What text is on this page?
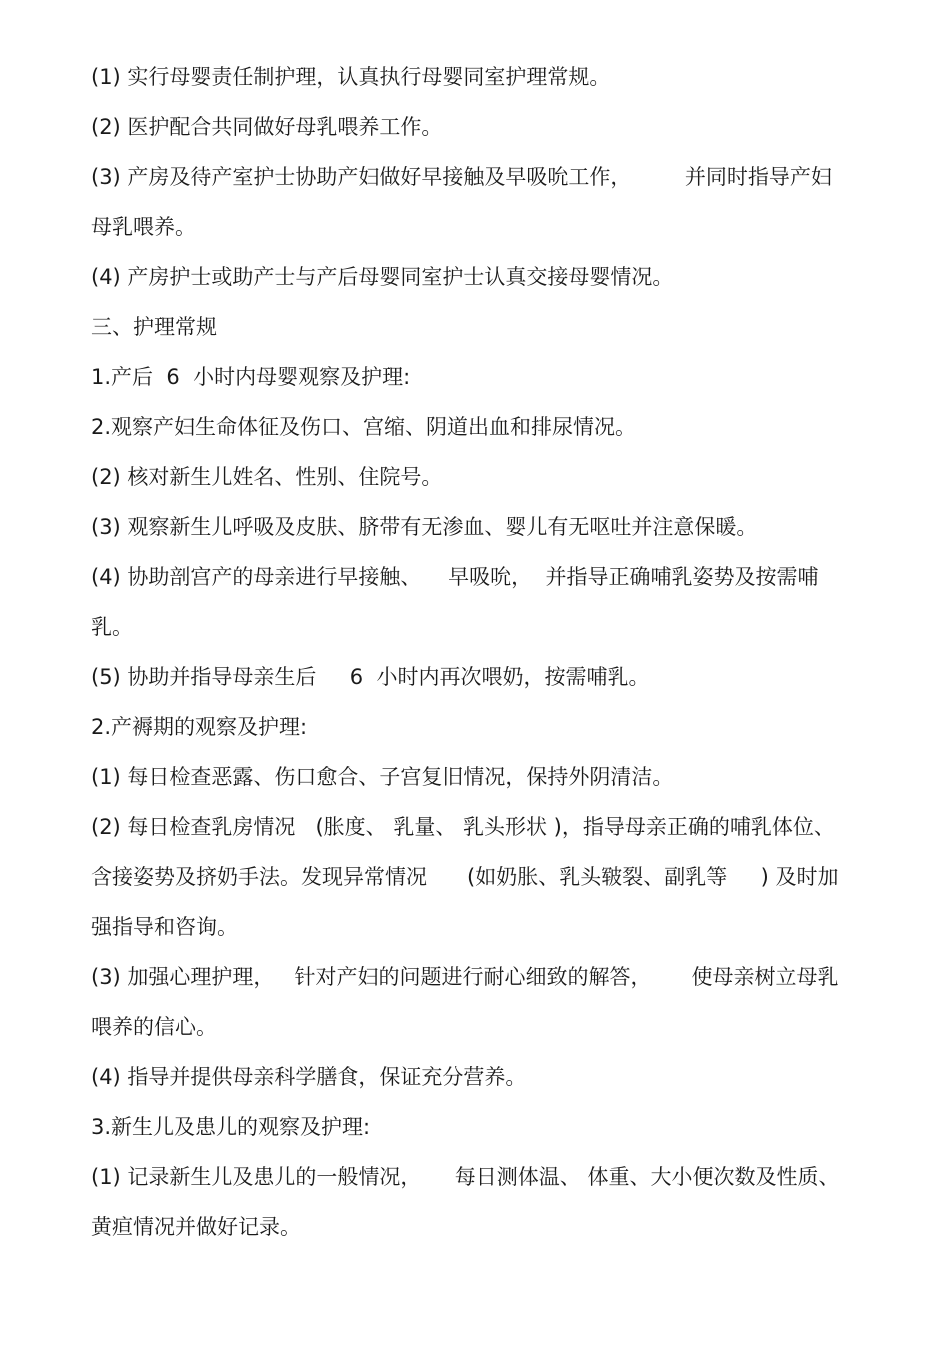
(1) 实行母婴责任制护理，认真执行母婴同室护理常规。
(2) 医护配合共同做好母乳喂养工作。
(3) 产房及待产室护士协助产妇做好早接触及早吸吮工作，        并同时指导产妇
母乳喂养。
(4) 产房护士或助产士与产后母婴同室护士认真交接母婴情况。
三、护理常规
1.产后  6  小时内母婴观察及护理:
2.观察产妇生命体征及伤口、宫缩、阴道出血和排尿情况。
(2) 核对新生儿姓名、性别、住院号。
(3) 观察新生儿呼吸及皮肤、脐带有无渗血、婴儿有无呕吐并注意保暖。
(4) 协助剖宫产的母亲进行早接触、    早吸吮，  并指导正确哺乳姿势及按需哺
乳。
(5) 协助并指导母亲生后     6  小时内再次喂奶，按需哺乳。
2.产褥期的观察及护理:
(1) 每日检查恶露、伤口愈合、子宫复旧情况，保持外阴清洁。
(2) 每日检查乳房情况   (胀度、 乳量、 乳头形状 )，指导母亲正确的哺乳体位、
含接姿势及挤奶手法。发现异常情况      (如奶胀、乳头皲裂、副乳等     ) 及时加
强指导和咨询。
(3) 加强心理护理，   针对产妇的问题进行耐心细致的解答，      使母亲树立母乳
喂养的信心。
(4) 指导并提供母亲科学膳食，保证充分营养。
3.新生儿及患儿的观察及护理:
(1) 记录新生儿及患儿的一般情况，     每日测体温、 体重、大小便次数及性质、
黄疸情况并做好记录。
